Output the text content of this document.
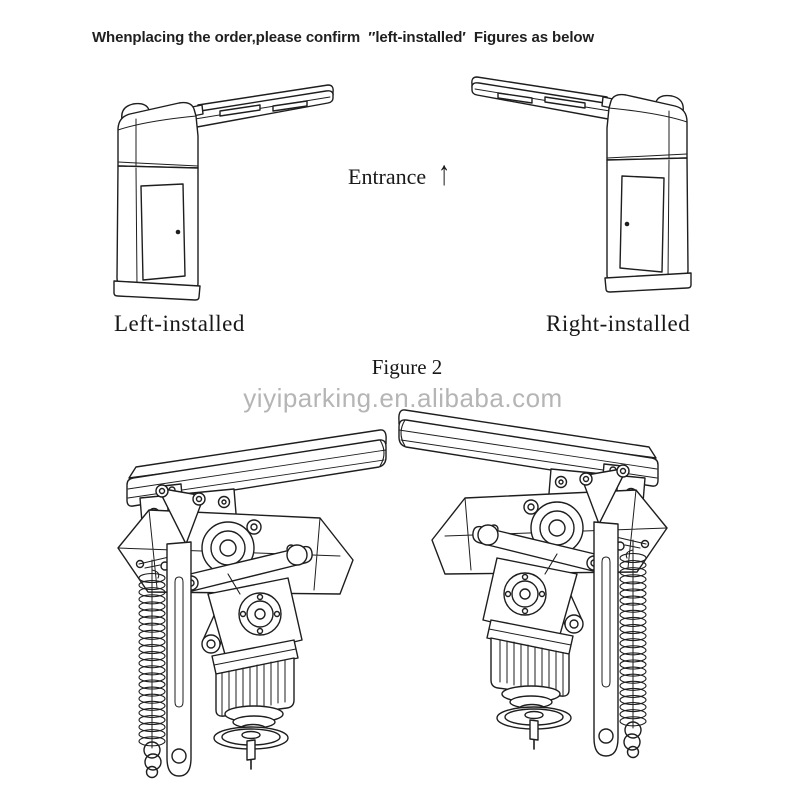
Whenplacing the order,please confirm  ″left-installed′  Figures as below
Entrance ↑
Left-installed	Right-installed
Figure 2
yiyiparking.en.alibaba.com
